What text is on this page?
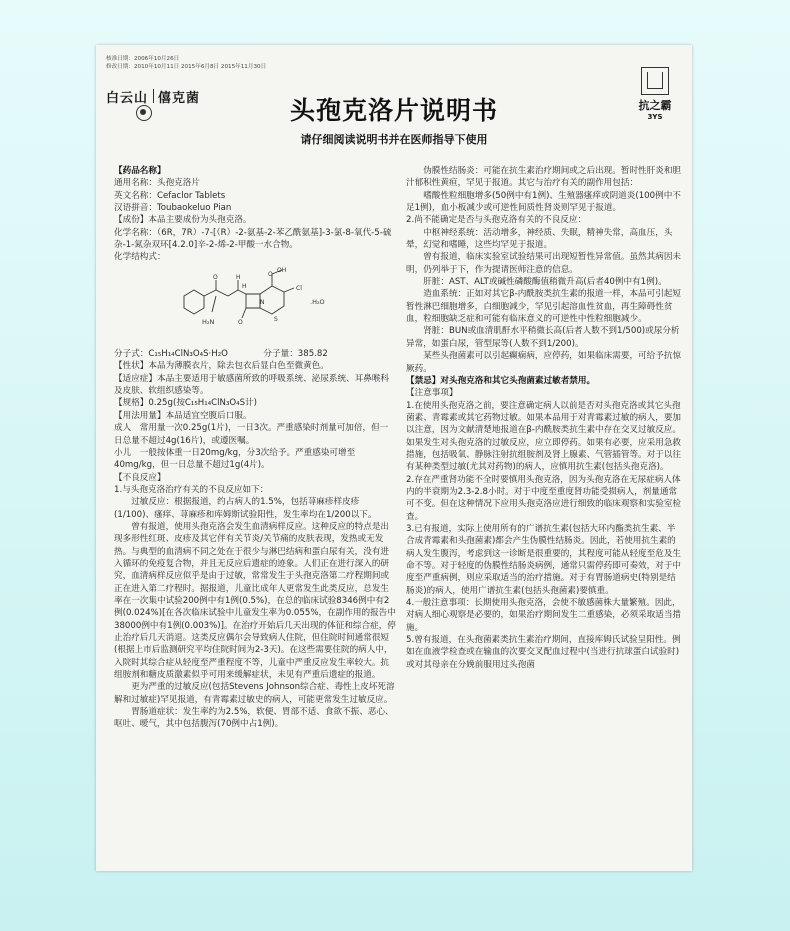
核准日期：2006年10月26日
修改日期：2010年10月11日 2015年6月8日 2015年11月30日
白云山 僖克菌	抗之霸
3YS
头孢克洛片说明书
请仔细阅读说明书并在医师指导下使用

【药品名称】

通用名称：头孢克洛片

英文名称：Cefaclor Tablets

汉语拼音：Toubaokeluo Pian

【成份】本品主要成份为头孢克洛。

化学名称：（6R，7R）-7-[（R）-2-氨基-2-苯乙酰氨基]-3-氯-8-氧代-5-硫杂-1-氮杂双环[4.2.0]辛-2-烯-2-甲酸一水合物。

化学结构式：

OH
O
O	H
Cl
S
O
N	.H₂O
H₂N
H

分子式：C₁₅H₁₄ClN₃O₄S·H₂O	分子量：385.82

【性状】本品为薄膜衣片，除去包衣后显白色至微黄色。

【适应症】本品主要适用于敏感菌所致的呼吸系统、泌尿系统、耳鼻喉科及皮肤、软组织感染等。

【规格】0.25g(按C₁₅H₁₄ClN₃O₄S计)

【用法用量】本品适宜空腹后口服。

成人　常用量一次0.25g(1片)，一日3次。严重感染时剂量可加倍，但一日总量不超过4g(16片)，或遵医嘱。

小儿　一般按体重一日20mg/kg，分3次给予。严重感染可增至40mg/kg，但一日总量不超过1g(4片)。

【不良反应】

1.与头孢克洛治疗有关的不良反应如下：

过敏反应：根据报道，约占病人的1.5%，包括荨麻疹样皮疹(1/100)、瘙痒、荨麻疹和库姆斯试验阳性，发生率均在1/200以下。

曾有报道，使用头孢克洛会发生血清病样反应。这种反应的特点是出现多形性红斑、皮疹及其它伴有关节炎/关节痛的皮肤表现，发热或无发热。与典型的血清病不同之处在于很少与淋巴结病和蛋白尿有关，没有进入循环的免疫复合物，并且无反应后遗症的迹象。人们正在进行深入的研究，血清病样反应似乎是由于过敏，常常发生于头孢克洛第二疗程期间或正在进入第二疗程时。据报道，儿童比成年人更常发生此类反应，总发生率在一次集中试验200例中有1例(0.5%)，在总的临床试验8346例中有2例(0.024%)[在各次临床试验中儿童发生率为0.055%，在副作用的报告中38000例中有1例(0.003%)]。在治疗开始后几天出现的体征和综合症，停止治疗后几天消退。这类反应偶尔会导致病人住院，但住院时间通常很短(根据上市后监测研究平均住院时间为2-3天)。在这些需要住院的病人中，入院时其综合症从轻度至严重程度不等，儿童中严重反应发生率较大。抗组胺剂和糖皮质激素似乎可用来缓解症状，未见有严重后遗症的报道。

更为严重的过敏反应(包括Stevens Johnson综合症、毒性上皮坏死溶解和过敏症)罕见报道，有青霉素过敏史的病人，可能更常发生过敏反应。

胃肠道症状：发生率约为2.5%，软便、胃部不适、食欲不振、恶心、呕吐、嗳气，其中包括腹泻(70例中占1例)。

伪膜性结肠炎：可能在抗生素治疗期间或之后出现。暂时性肝炎和胆汁郁积性黄疸，罕见于报道。其它与治疗有关的副作用包括：

嗜酸性粒细胞增多(50例中有1例)、生殖器瘙痒或阴道炎(100例中不足1例)，血小板减少或可逆性间质性肾炎则罕见于报道。

2.尚不能确定是否与头孢克洛有关的不良反应：

中枢神经系统：活动增多，神经质、失眠，精神失常，高血压，头晕，幻觉和嗜睡，这些均罕见于报道。

曾有报道，临床实验室试验结果可出现短暂性异常值。虽然其病因未明，仍列举于下，作为提请医师注意的信息。

肝脏：AST、ALT或碱性磷酸酶值稍微升高(后者40例中有1例)。

造血系统：正如对其它β-内酰胺类抗生素的报道一样，本品可引起短暂性淋巴细胞增多，白细胞减少，罕见引起溶血性贫血，再生障碍性贫血，粒细胞缺乏症和可能有临床意义的可逆性中性粒细胞减少。

肾脏：BUN或血清肌酐水平稍微长高(后者人数不到1/500)或尿分析异常，如蛋白尿，管型尿等(人数不到1/200)。

某些头孢菌素可以引起癫痫病，应停药，如果临床需要，可给予抗惊厥药。

【禁忌】对头孢克洛和其它头孢菌素过敏者禁用。

【注意事项】

1.在使用头孢克洛之前，要注意确定病人以前是否对头孢克洛或其它头孢菌素、青霉素或其它药物过敏。如果本品用于对青霉素过敏的病人，要加以注意，因为文献清楚地报道在β-内酰胺类抗生素中存在交叉过敏反应。如果发生对头孢克洛的过敏反应，应立即停药。如果有必要，应采用急救措施，包括吸氧、静脉注射抗组胺剂及肾上腺素、气管插管等。对于以往有某种类型过敏(尤其对药物)的病人，应慎用抗生素(包括头孢克洛)。

2.存在严重肾功能不全时要慎用头孢克洛，因为头孢克洛在无尿症病人体内的半衰期为2.3-2.8小时。对于中度至重度肾功能受损病人，剂量通常可不变。但在这种情况下应用头孢克洛应进行细致的临床观察和实验室检查。

3.已有报道，实际上使用所有的广谱抗生素(包括大环内酯类抗生素、半合成青霉素和头孢菌素)都会产生伪膜性结肠炎。因此，若使用抗生素的病人发生腹泻，考虑到这一诊断是很重要的，其程度可能从轻度至危及生命不等。对于轻度的伪膜性结肠炎病例，通常只需停药即可奏效，对于中度至严重病例，则应采取适当的治疗措施。对于有胃肠道病史(特别是结肠炎)的病人，使用广谱抗生素(包括头孢菌素)要慎重。

4.一般注意事项：长期使用头孢克洛，会使不敏感菌株大量繁殖。因此，对病人细心观察是必要的，如果治疗期间发生二重感染，必须采取适当措施。

5.曾有报道，在头孢菌素类抗生素治疗期间，直接库姆氏试验呈阳性。例如在血液学检查或在输血的次要交叉配血过程中(当进行抗球蛋白试验时)或对其母亲在分娩前服用过头孢菌
